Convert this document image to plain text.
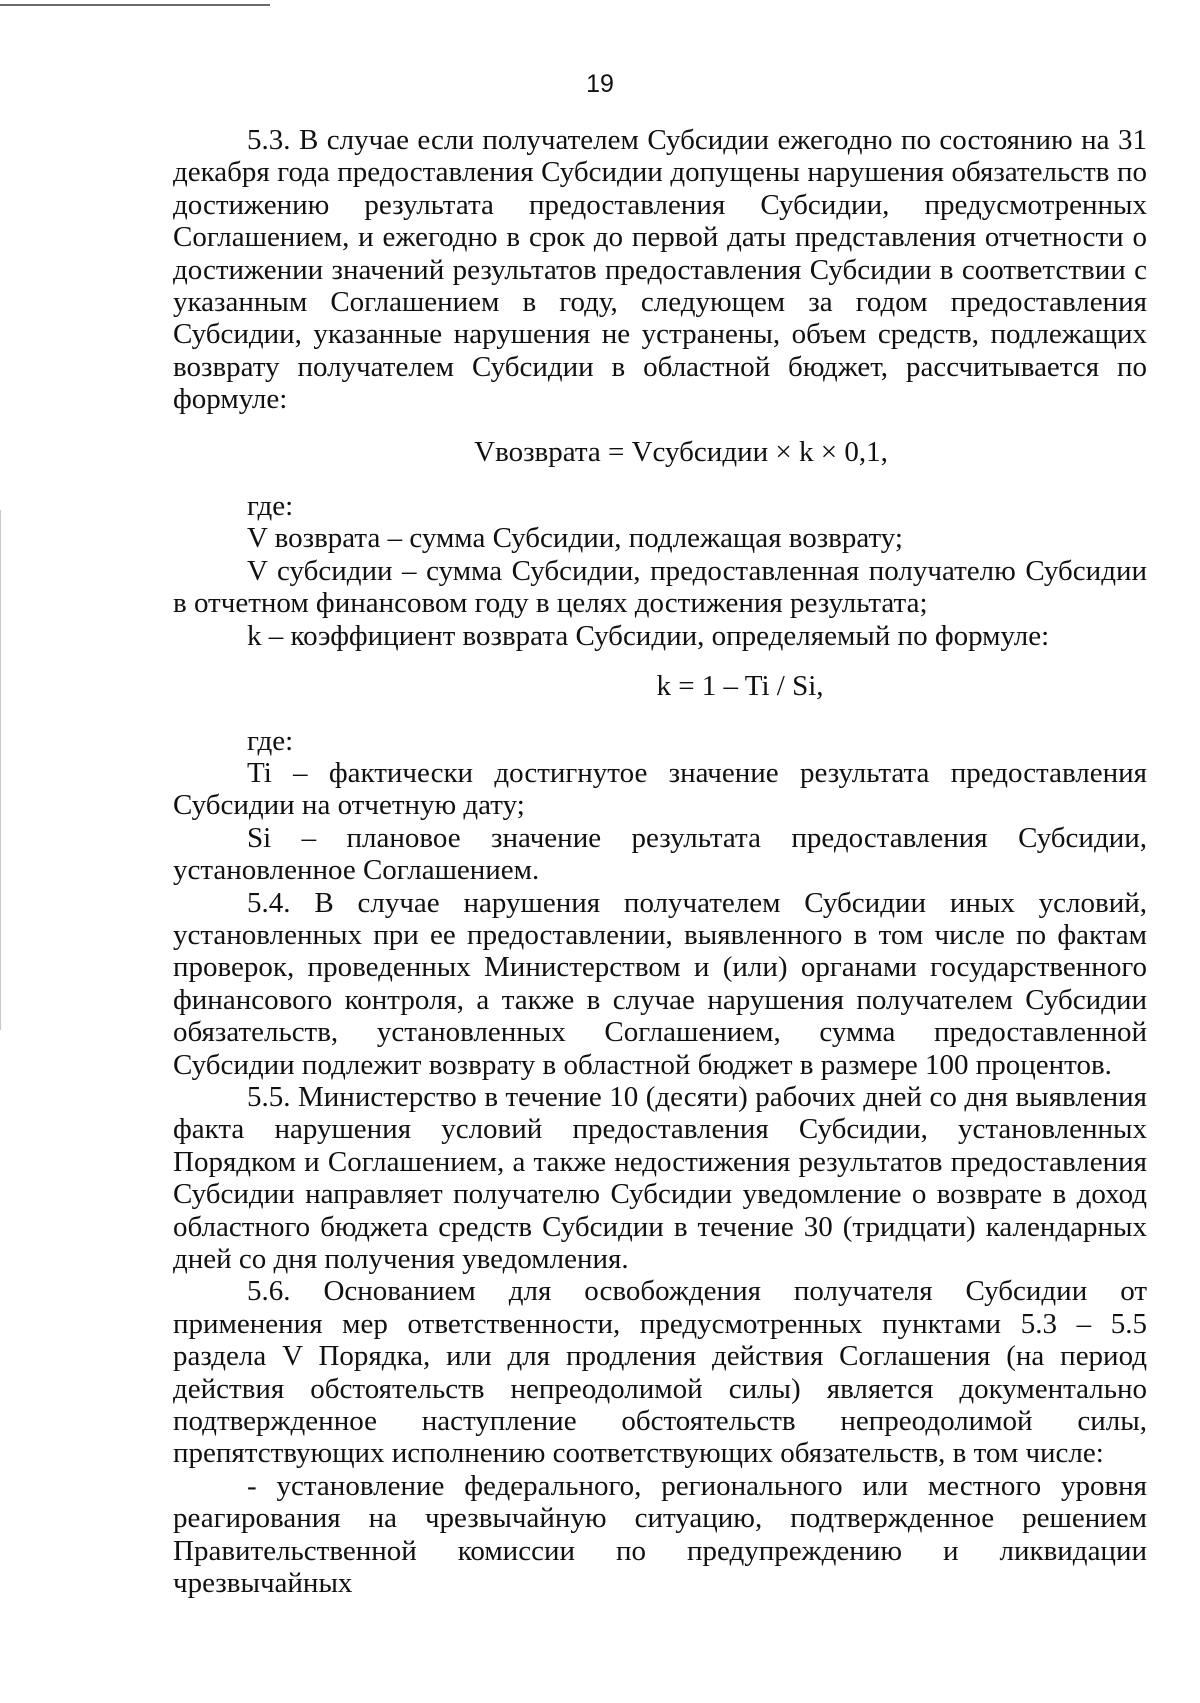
19

5.3. В случае если получателем Субсидии ежегодно по состоянию на 31 декабря года предоставления Субсидии допущены нарушения обязательств по достижению результата предоставления Субсидии, предусмотренных Соглашением, и ежегодно в срок до первой даты представления отчетности о достижении значений результатов предоставления Субсидии в соответствии с указанным Соглашением в году, следующем за годом предоставления Субсидии, указанные нарушения не устранены, объем средств, подлежащих возврату получателем Субсидии в областной бюджет, рассчитывается по формуле:

Vвозврата = Vсубсидии × k × 0,1,

где:

V возврата – сумма Субсидии, подлежащая возврату;

V субсидии – сумма Субсидии, предоставленная получателю Субсидии в отчетном финансовом году в целях достижения результата;

k – коэффициент возврата Субсидии, определяемый по формуле:

k = 1 – Ti / Si,

где:

Ti – фактически достигнутое значение результата предоставления Субсидии на отчетную дату;

Si – плановое значение результата предоставления Субсидии, установленное Соглашением.

5.4. В случае нарушения получателем Субсидии иных условий, установленных при ее предоставлении, выявленного в том числе по фактам проверок, проведенных Министерством и (или) органами государственного финансового контроля, а также в случае нарушения получателем Субсидии обязательств, установленных Соглашением, сумма предоставленной Субсидии подлежит возврату в областной бюджет в размере 100 процентов.

5.5. Министерство в течение 10 (десяти) рабочих дней со дня выявления факта нарушения условий предоставления Субсидии, установленных Порядком и Соглашением, а также недостижения результатов предоставления Субсидии направляет получателю Субсидии уведомление о возврате в доход областного бюджета средств Субсидии в течение 30 (тридцати) календарных дней со дня получения уведомления.

5.6. Основанием для освобождения получателя Субсидии от применения мер ответственности, предусмотренных пунктами 5.3 – 5.5 раздела V Порядка, или для продления действия Соглашения (на период действия обстоятельств непреодолимой силы) является документально подтвержденное наступление обстоятельств непреодолимой силы, препятствующих исполнению соответствующих обязательств, в том числе:

- установление федерального, регионального или местного уровня реагирования на чрезвычайную ситуацию, подтвержденное решением Правительственной комиссии по предупреждению и ликвидации чрезвычайных
